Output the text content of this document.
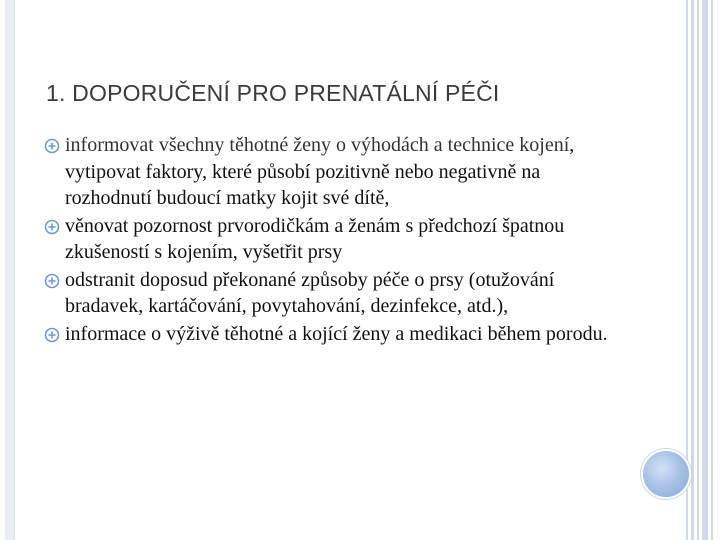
1. DOPORUČENÍ PRO PRENATÁLNÍ PÉČI
informovat všechny těhotné ženy o výhodách a technice kojení, vytipovat faktory, které působí pozitivně nebo negativně na rozhodnutí budoucí matky kojit své dítě,
věnovat pozornost prvorodičkám a ženám s předchozí špatnou zkušeností s kojením, vyšetřit prsy
odstranit doposud překonané způsoby péče o prsy (otužování bradavek, kartáčování, povytahování, dezinfekce, atd.),
informace o výživě těhotné a kojící ženy a medikaci během porodu.
